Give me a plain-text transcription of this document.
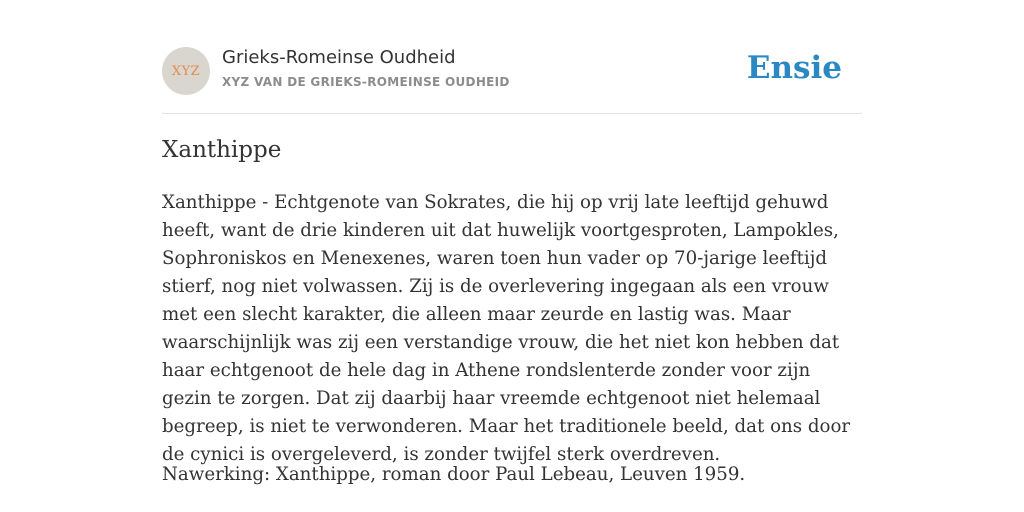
XYZ
Grieks-Romeinse Oudheid
XYZ VAN DE GRIEKS-ROMEINSE OUDHEID	Ensie
Xanthippe

Xanthippe - Echtgenote van Sokrates, die hij op vrij late leeftijd gehuwd heeft, want de drie kinderen uit dat huwelijk voortgesproten, Lampokles, Sophroniskos en Menexenes, waren toen hun vader op 70-jarige leeftijd stierf, nog niet volwassen. Zij is de overlevering ingegaan als een vrouw met een slecht karakter, die alleen maar zeurde en lastig was. Maar waarschijnlijk was zij een verstandige vrouw, die het niet kon hebben dat haar echtgenoot de hele dag in Athene rondslenterde zonder voor zijn gezin te zorgen. Dat zij daarbij haar vreemde echtgenoot niet helemaal begreep, is niet te verwonderen. Maar het traditionele beeld, dat ons door de cynici is overgeleverd, is zonder twijfel sterk overdreven.

Nawerking: Xanthippe, roman door Paul Lebeau, Leuven 1959.
